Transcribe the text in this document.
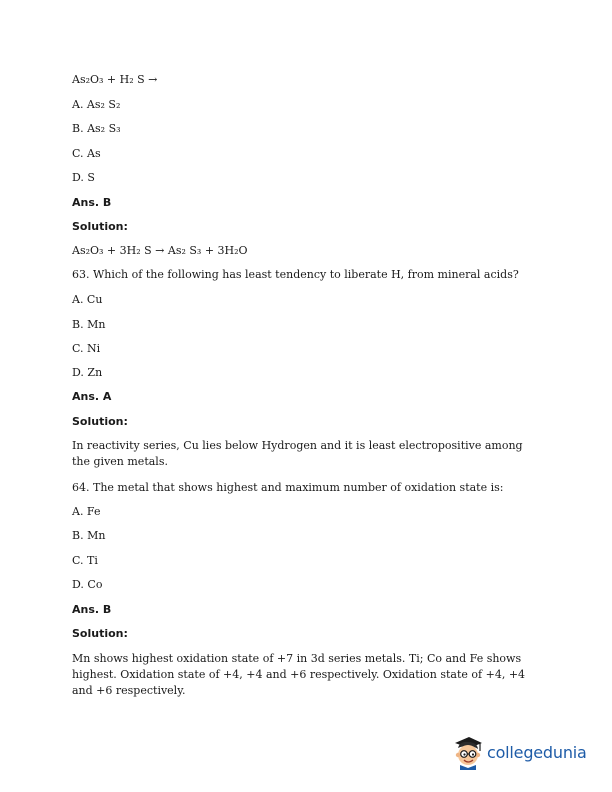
As₂O₃ + H₂ S →

A. As₂ S₂

B. As₂ S₃

C. As

D. S

Ans. B

Solution:

As₂O₃ + 3H₂ S → As₂ S₃ + 3H₂O

63. Which of the following has least tendency to liberate H, from mineral acids?

A. Cu

B. Mn

C. Ni

D. Zn

Ans. A

Solution:

In reactivity series, Cu lies below Hydrogen and it is least electropositive among the given metals.

64. The metal that shows highest and maximum number of oxidation state is:

A. Fe

B. Mn

C. Ti

D. Co

Ans. B

Solution:

Mn shows highest oxidation state of +7 in 3d series metals. Ti; Co and Fe shows highest. Oxidation state of +4, +4 and +6 respectively. Oxidation state of +4, +4 and +6 respectively.

collegedunia
